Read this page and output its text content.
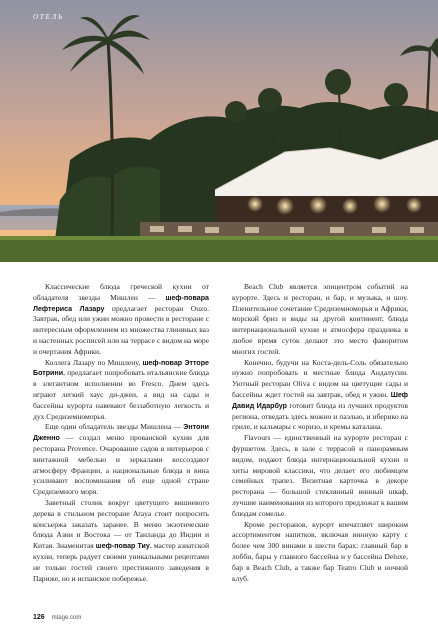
ОТЕЛЬ

Классические блюда греческой кухни от обладателя звезды Мишлен — шеф-повара Лефтериса Лазару предлагает ресторан Ouzo. Завтрак, обед или ужин можно провести в ресторане с интересным оформлением из множества глиняных ваз и настенных росписей или на террасе с видом на море и очертания Африки.

Коллега Лазару по Мишлену, шеф-повар Этторе Ботрини, предлагает попробовать итальянские блюда в элегантном исполнении во Fresco. Днем здесь играют легкий хаус ди-джеи, а вид на сады и бассейны курорта навевают беззаботную легкость и дух Средиземноморья.

Еще один обладатель звезды Мишлена — Энтони Дженно — создал меню прованской кухни для ресторана Provence. Очарование садов и интерьеров с винтажной мебелью и зеркалами воссоздают атмосферу Франции, а национальные блюда и вина усиливают воспоминания об еще одной стране Средиземного моря.

Заветный столик вокруг цветущего вишневого дерева в стильном ресторане Araya стоит попросить консьержа заказать заранее. В меню экзотические блюда Азии и Востока — от Таиланда до Индии и Китая. Знаменитая шеф-повар Тиу, мастер азиатской кухни, теперь радует своими уникальными рецептами не только гостей своего престижного заведения в Париже, но и испанское побережье.

Beach Club является эпицентром событий на курорте. Здесь и ресторан, и бар, и музыка, и шоу. Пленительное сочетание Средиземноморья и Африки, морской бриз и виды на другой континент, блюда интернациональной кухни и атмосфера праздника в любое время суток делают это место фаворитом многих гостей.

Конечно, будучи на Коста-дель-Соль обязательно нужно попробовать и местные блюда Андалусии. Уютный ресторан Oliva с видом на цветущие сады и бассейны ждет гостей на завтрак, обед и ужин. Шеф Давид Идарбур готовит блюда из лучших продуктов региона, отведать здесь можно и паэлью, и иберико на гриле, и кальмары с чоризо, и кремы каталана.

Flavours — единственный на курорте ресторан с фуршетом. Здесь, в зале с террасой и панорамным видом, подают блюда интернациональной кухни и хиты мировой классики, что делает его любимцем семейных трапез. Визитная карточка в декоре ресторана — большой стеклянный винный шкаф, лучшие наименования из которого предложат к вашим блюдам сомелье.

Кроме ресторанов, курорт впечатляет широким ассортиментом напитков, включая винную карту с более чем 300 винами в шести барах: главный бар в лобби, бары у главного бассейна и у бассейна Deluxe, бар в Beach Club, а также бар Teatro Club и ночной клуб.

126 mtage.com
